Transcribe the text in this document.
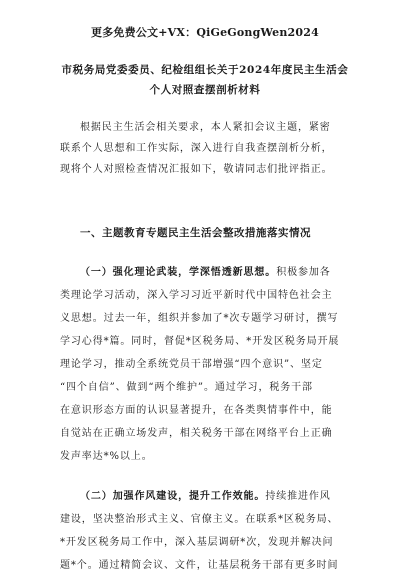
更多免费公文+VX：QiGeGongWen2024
市税务局党委委员、纪检组组长关于2024年度民主生活会
个人对照查摆剖析材料
根据民主生活会相关要求，本人紧扣会议主题，紧密
联系个人思想和工作实际，深入进行自我查摆剖析分析，
现将个人对照检查情况汇报如下，敬请同志们批评指正。
一、主题教育专题民主生活会整改措施落实情况
（一）强化理论武装，学深悟透新思想。积极参加各
类理论学习活动，深入学习习近平新时代中国特色社会主
义思想。过去一年，组织并参加了*次专题学习研讨，撰写
学习心得*篇。同时，督促*区税务局、*开发区税务局开展
理论学习，推动全系统党员干部增强“四个意识”、坚定
“四个自信”、做到“两个维护”。通过学习，税务干部
在意识形态方面的认识显著提升，在各类舆情事件中，能
自觉站在正确立场发声，相关税务干部在网络平台上正确
发声率达*%以上。
（二）加强作风建设，提升工作效能。持续推进作风
建设，坚决整治形式主义、官僚主义。在联系*区税务局、
*开发区税务局工作中，深入基层调研*次，发现并解决问
题*个。通过精简会议、文件，让基层税务干部有更多时间
